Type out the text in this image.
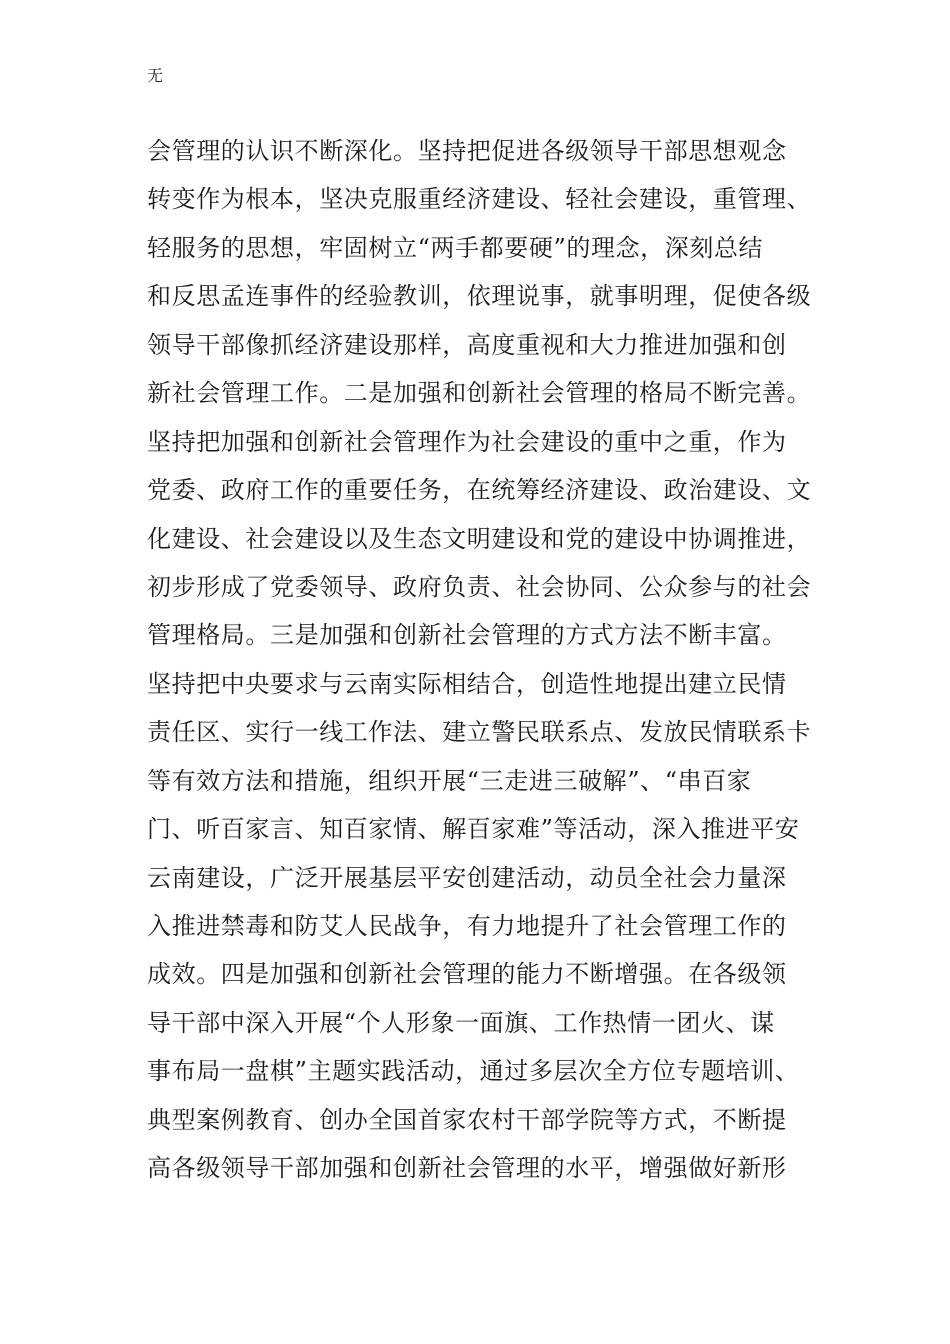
无
会管理的认识不断深化。坚持把促进各级领导干部思想观念
转变作为根本，坚决克服重经济建设、轻社会建设，重管理、
轻服务的思想，牢固树立“两手都要硬”的理念，深刻总结
和反思孟连事件的经验教训，依理说事，就事明理，促使各级
领导干部像抓经济建设那样，高度重视和大力推进加强和创
新社会管理工作。二是加强和创新社会管理的格局不断完善。
坚持把加强和创新社会管理作为社会建设的重中之重，作为
党委、政府工作的重要任务，在统筹经济建设、政治建设、文
化建设、社会建设以及生态文明建设和党的建设中协调推进，
初步形成了党委领导、政府负责、社会协同、公众参与的社会
管理格局。三是加强和创新社会管理的方式方法不断丰富。
坚持把中央要求与云南实际相结合，创造性地提出建立民情
责任区、实行一线工作法、建立警民联系点、发放民情联系卡
等有效方法和措施，组织开展“三走进三破解”、“串百家
门、听百家言、知百家情、解百家难”等活动，深入推进平安
云南建设，广泛开展基层平安创建活动，动员全社会力量深
入推进禁毒和防艾人民战争，有力地提升了社会管理工作的
成效。四是加强和创新社会管理的能力不断增强。在各级领
导干部中深入开展“个人形象一面旗、工作热情一团火、谋
事布局一盘棋”主题实践活动，通过多层次全方位专题培训、
典型案例教育、创办全国首家农村干部学院等方式，不断提
高各级领导干部加强和创新社会管理的水平，增强做好新形
